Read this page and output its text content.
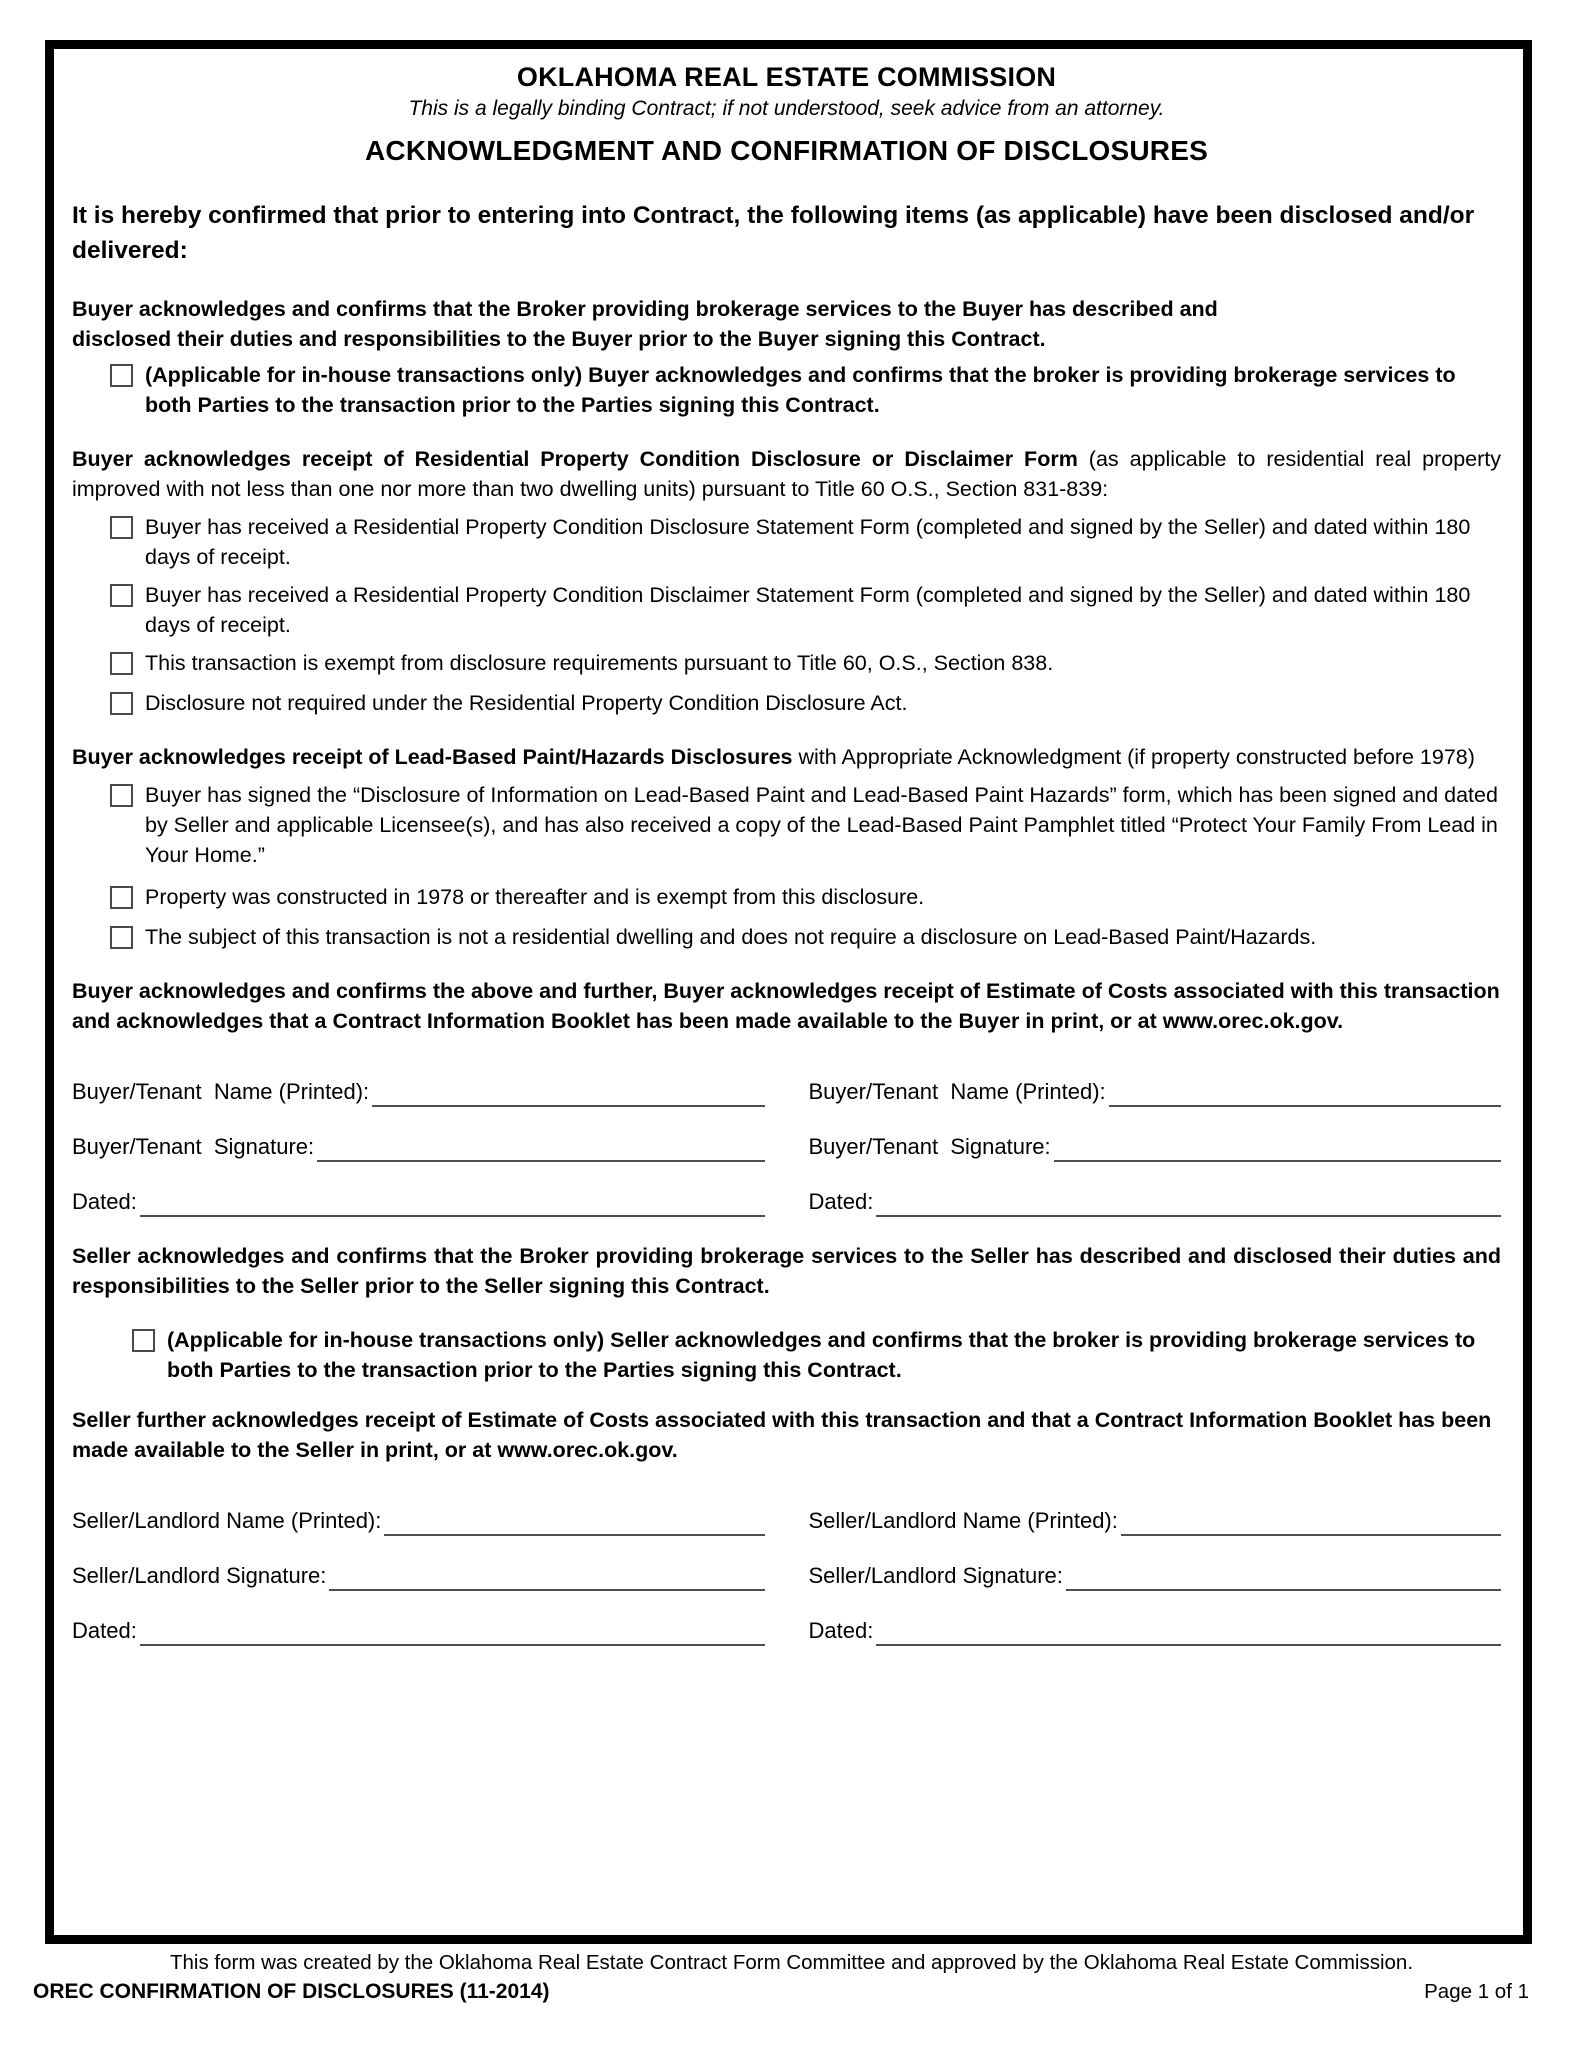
OKLAHOMA REAL ESTATE COMMISSION
This is a legally binding Contract; if not understood, seek advice from an attorney.
ACKNOWLEDGMENT AND CONFIRMATION OF DISCLOSURES

It is hereby confirmed that prior to entering into Contract, the following items (as applicable) have been disclosed and/or delivered:

Buyer acknowledges and confirms that the Broker providing brokerage services to the Buyer has described and disclosed their duties and responsibilities to the Buyer prior to the Buyer signing this Contract.

(Applicable for in-house transactions only) Buyer acknowledges and confirms that the broker is providing brokerage services to both Parties to the transaction prior to the Parties signing this Contract.

Buyer acknowledges receipt of Residential Property Condition Disclosure or Disclaimer Form (as applicable to residential real property improved with not less than one nor more than two dwelling units) pursuant to Title 60 O.S., Section 831-839:

Buyer has received a Residential Property Condition Disclosure Statement Form (completed and signed by the Seller) and dated within 180 days of receipt.
Buyer has received a Residential Property Condition Disclaimer Statement Form (completed and signed by the Seller) and dated within 180 days of receipt.
This transaction is exempt from disclosure requirements pursuant to Title 60, O.S., Section 838.
Disclosure not required under the Residential Property Condition Disclosure Act.

Buyer acknowledges receipt of Lead-Based Paint/Hazards Disclosures with Appropriate Acknowledgment (if property constructed before 1978)

Buyer has signed the “Disclosure of Information on Lead-Based Paint and Lead-Based Paint Hazards” form, which has been signed and dated by Seller and applicable Licensee(s), and has also received a copy of the Lead-Based Paint Pamphlet titled “Protect Your Family From Lead in Your Home.”
Property was constructed in 1978 or thereafter and is exempt from this disclosure.
The subject of this transaction is not a residential dwelling and does not require a disclosure on Lead-Based Paint/Hazards.

Buyer acknowledges and confirms the above and further, Buyer acknowledges receipt of Estimate of Costs associated with this transaction and acknowledges that a Contract Information Booklet has been made available to the Buyer in print, or at www.orec.ok.gov.

Buyer/Tenant  Name (Printed):	Buyer/Tenant  Name (Printed):
Buyer/Tenant  Signature:	Buyer/Tenant  Signature:
Dated:	Dated:

Seller acknowledges and confirms that the Broker providing brokerage services to the Seller has described and disclosed their duties and responsibilities to the Seller prior to the Seller signing this Contract.

(Applicable for in-house transactions only) Seller acknowledges and confirms that the broker is providing brokerage services to both Parties to the transaction prior to the Parties signing this Contract.

Seller further acknowledges receipt of Estimate of Costs associated with this transaction and that a Contract Information Booklet has been made available to the Seller in print, or at www.orec.ok.gov.

Seller/Landlord Name (Printed):	Seller/Landlord Name (Printed):
Seller/Landlord Signature:	Seller/Landlord Signature:
Dated:	Dated:
This form was created by the Oklahoma Real Estate Contract Form Committee and approved by the Oklahoma Real Estate Commission.
OREC CONFIRMATION OF DISCLOSURES (11-2014)	Page 1 of 1
